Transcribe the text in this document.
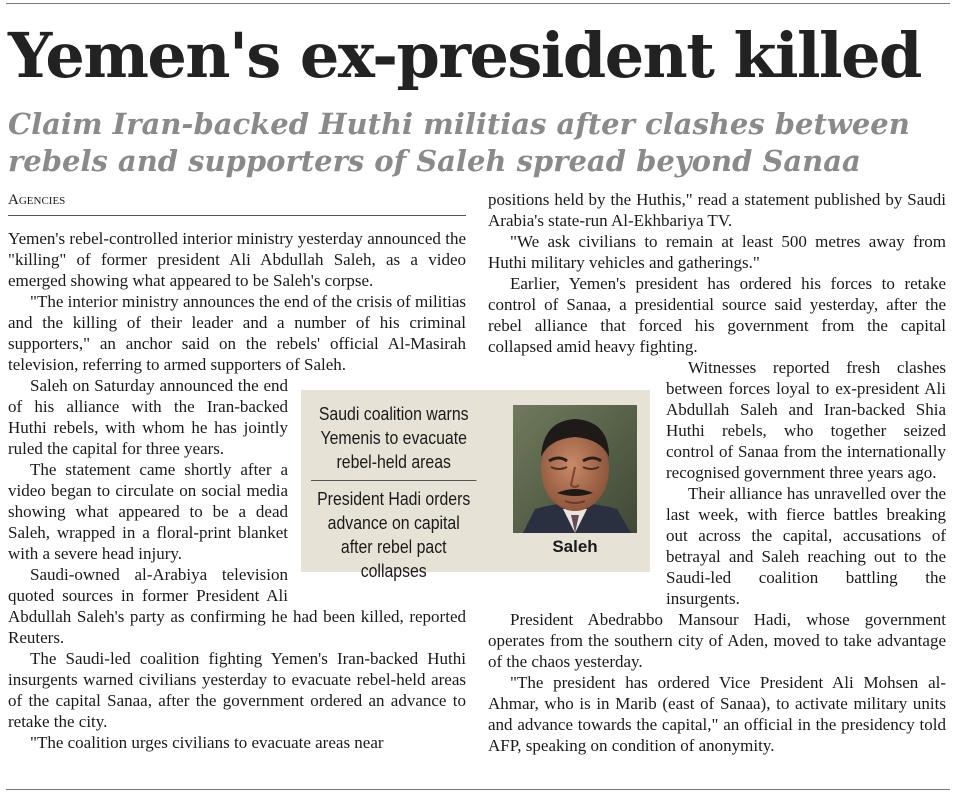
Yemen's ex-president killed
Claim Iran-backed Huthi militias after clashes between
rebels and supporters of Saleh spread beyond Sanaa
Agencies

Yemen's rebel-controlled interior ministry yesterday announced the "killing" of former president Ali Abdullah Saleh, as a video emerged showing what appeared to be Saleh's corpse.

"The interior ministry announces the end of the crisis of militias and the killing of their leader and a number of his criminal supporters," an anchor said on the rebels' official Al-Masirah television, referring to armed supporters of Saleh.

Saleh on Saturday announced the end of his alliance with the Iran-backed Huthi rebels, with whom he has jointly ruled the capital for three years.

The statement came shortly after a video began to circulate on social media showing what appeared to be a dead Saleh, wrapped in a floral-print blanket with a severe head injury.

Saudi-owned al-Arabiya television quoted sources in former President Ali Abdullah Saleh's party as confirming he had been killed, reported Reuters.

The Saudi-led coalition fighting Yemen's Iran-backed Huthi insurgents warned civilians yesterday to evacuate rebel-held areas of the capital Sanaa, after the government ordered an advance to retake the city.

"The coalition urges civilians to evacuate areas near

positions held by the Huthis," read a statement published by Saudi Arabia's state-run Al-Ekhbariya TV.

"We ask civilians to remain at least 500 metres away from Huthi military vehicles and gatherings."

Earlier, Yemen's president has ordered his forces to retake control of Sanaa, a presidential source said yesterday, after the rebel alliance that forced his government from the capital collapsed amid heavy fighting.

Witnesses reported fresh clashes between forces loyal to ex-president Ali Abdullah Saleh and Iran-backed Shia Huthi rebels, who together seized control of Sanaa from the internationally recognised government three years ago.

Their alliance has unravelled over the last week, with fierce battles breaking out across the capital, accusations of betrayal and Saleh reaching out to the Saudi-led coalition battling the insurgents.

President Abedrabbo Mansour Hadi, whose government operates from the southern city of Aden, moved to take advantage of the chaos yesterday.

"The president has ordered Vice President Ali Mohsen al-Ahmar, who is in Marib (east of Sanaa), to activate military units and advance towards the capital," an official in the presidency told AFP, speaking on condition of anonymity.

Saudi coalition warns Yemenis to evacuate rebel-held areas
President Hadi orders advance on capital after rebel pact collapses
Saleh
